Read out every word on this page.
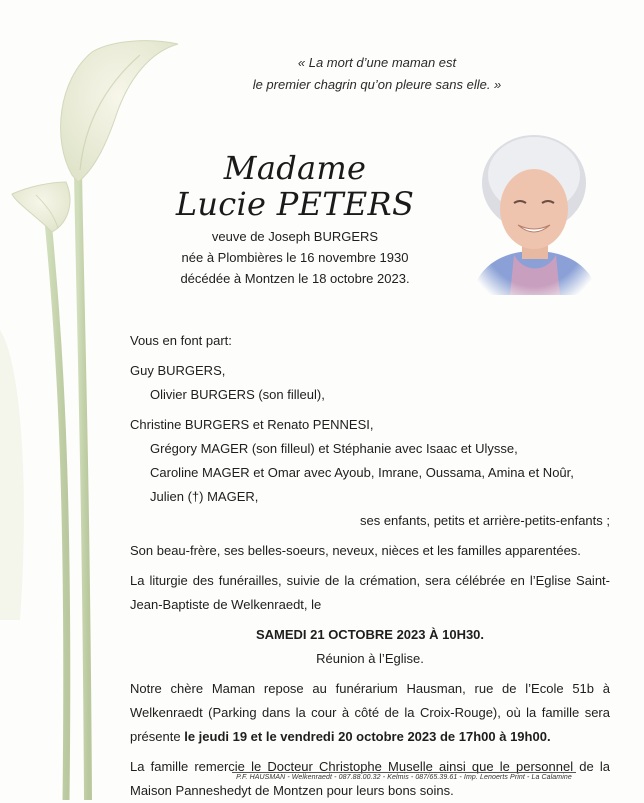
« La mort d’une maman est
le premier chagrin qu’on pleure sans elle. »
Madame
Lucie PETERS
veuve de Joseph BURGERS
née à Plombières le 16 novembre 1930
décédée à Montzen le 18 octobre 2023.

Vous en font part:

Guy BURGERS,

Olivier BURGERS (son filleul),

Christine BURGERS et Renato PENNESI,

Grégory MAGER (son filleul) et Stéphanie avec Isaac et Ulysse,

Caroline MAGER et Omar avec Ayoub, Imrane, Oussama, Amina et Noûr,

Julien (†) MAGER,

ses enfants, petits et arrière-petits-enfants ;

Son beau-frère, ses belles-soeurs, neveux, nièces et les familles apparentées.

La liturgie des funérailles, suivie de la crémation, sera célébrée en l’Eglise Saint-Jean-Baptiste de Welkenraedt, le

SAMEDI 21 OCTOBRE 2023 À 10H30.

Réunion à l’Eglise.

Notre chère Maman repose au funérarium Hausman, rue de l’Ecole 51b à Welkenraedt (Parking dans la cour à côté de la Croix-Rouge), où la famille sera présente le jeudi 19 et le vendredi 20 octobre 2023 de 17h00 à 19h00.

La famille remercie le Docteur Christophe Muselle ainsi que le personnel de la Maison Panneshedyt de Montzen pour leurs bons soins.

P.F. HAUSMAN - Welkenraedt - 087.88.00.32 - Kelmis - 087/65.39.61 - Imp. Lenoerts Print - La Calamine
